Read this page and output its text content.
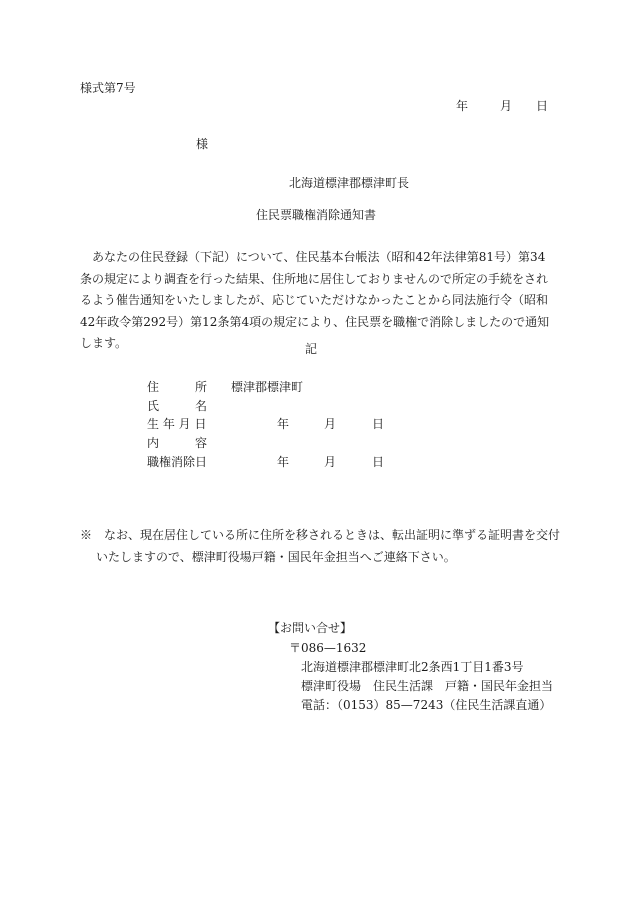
様式第7号
年	月 日
様
北海道標津郡標津町長
住民票職権消除通知書
あなたの住民登録（下記）について、住民基本台帳法（昭和42年法律第81号）第34条の規定により調査を行った結果、住所地に居住しておりませんので所定の手続をされるよう催告通知をいたしましたが、応じていただけなかったことから同法施行令（昭和42年政令第292号）第12条第4項の規定により、住民票を職権で消除しましたので通知します。	記
住　　　所 標津郡標津町
氏　　　名
生 年 月 日	年	月	日
内　　　容
職権消除日	年	月	日
※　なお、現在居住している所に住所を移されるときは、転出証明に準ずる証明書を交付いたしますので、標津町役場戸籍・国民年金担当へご連絡下さい。
【お問い合せ】
〒086—1632
北海道標津郡標津町北2条西1丁目1番3号
標津町役場　住民生活課　戸籍・国民年金担当
電話：（0153）85—7243（住民生活課直通）
